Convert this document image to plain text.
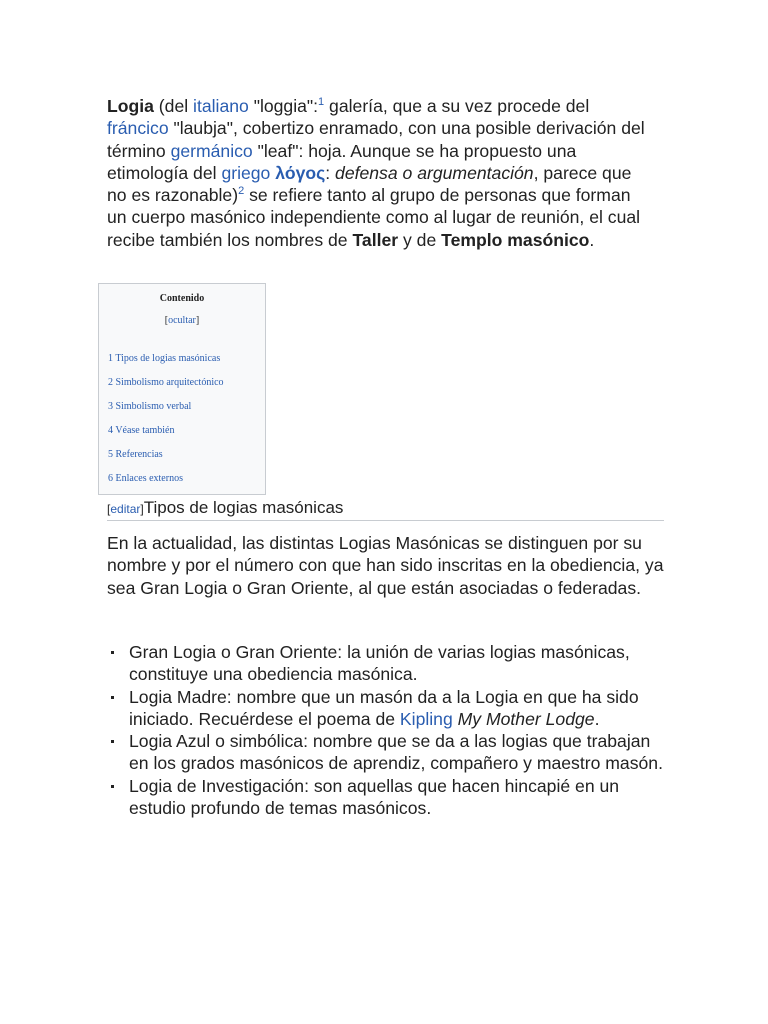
Logia (del italiano "loggia":$^1$ galería, que a su vez procede del fráncico "laubja", cobertizo enramado, con una posible derivación del término germánico "leaf": hoja. Aunque se ha propuesto una etimología del griego λόγος: defensa o argumentación, parece que no es razonable)$^2$ se refiere tanto al grupo de personas que forman un cuerpo masónico independiente como al lugar de reunión, el cual recibe también los nombres de Taller y de Templo masónico.

Contenido
[ocultar]
1 Tipos de logias masónicas
2 Simbolismo arquitectónico
3 Simbolismo verbal
4 Véase también
5 Referencias
6 Enlaces externos
[editar]Tipos de logias masónicas

En la actualidad, las distintas Logias Masónicas se distinguen por su nombre y por el número con que han sido inscritas en la obediencia, ya sea Gran Logia o Gran Oriente, al que están asociadas o federadas.

Gran Logia o Gran Oriente: la unión de varias logias masónicas, constituye una obediencia masónica.
Logia Madre: nombre que un masón da a la Logia en que ha sido iniciado. Recuérdese el poema de Kipling My Mother Lodge.
Logia Azul o simbólica: nombre que se da a las logias que trabajan en los grados masónicos de aprendiz, compañero y maestro masón.
Logia de Investigación: son aquellas que hacen hincapié en un estudio profundo de temas masónicos.
